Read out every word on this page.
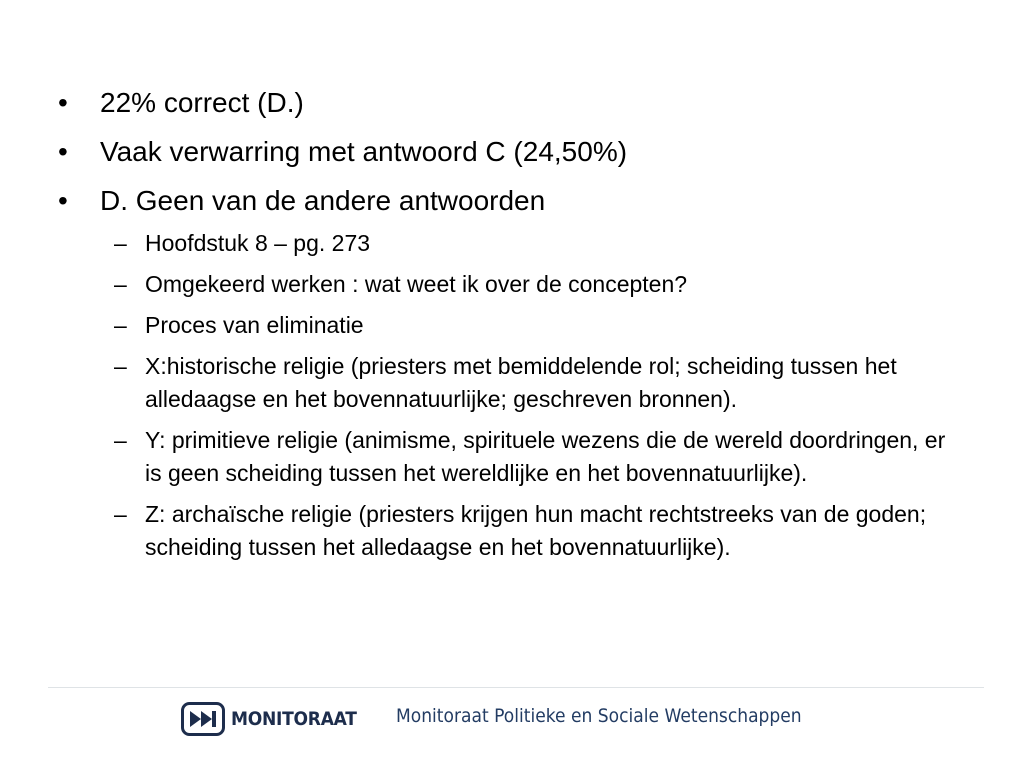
• 22% correct (D.)
• Vaak verwarring met antwoord C (24,50%)
• D. Geen van de andere antwoorden
– Hoofdstuk 8 – pg. 273
– Omgekeerd werken : wat weet ik over de concepten?
– Proces van eliminatie
– X:historische religie (priesters met bemiddelende rol; scheiding tussen het alledaagse en het bovennatuurlijke; geschreven bronnen).
– Y: primitieve religie (animisme, spirituele wezens die de wereld doordringen, er is geen scheiding tussen het wereldlijke en het bovennatuurlijke).
– Z: archaïsche religie (priesters krijgen hun macht rechtstreeks van de goden; scheiding tussen het alledaagse en het bovennatuurlijke).
MONITORAAT Monitoraat Politieke en Sociale Wetenschappen
